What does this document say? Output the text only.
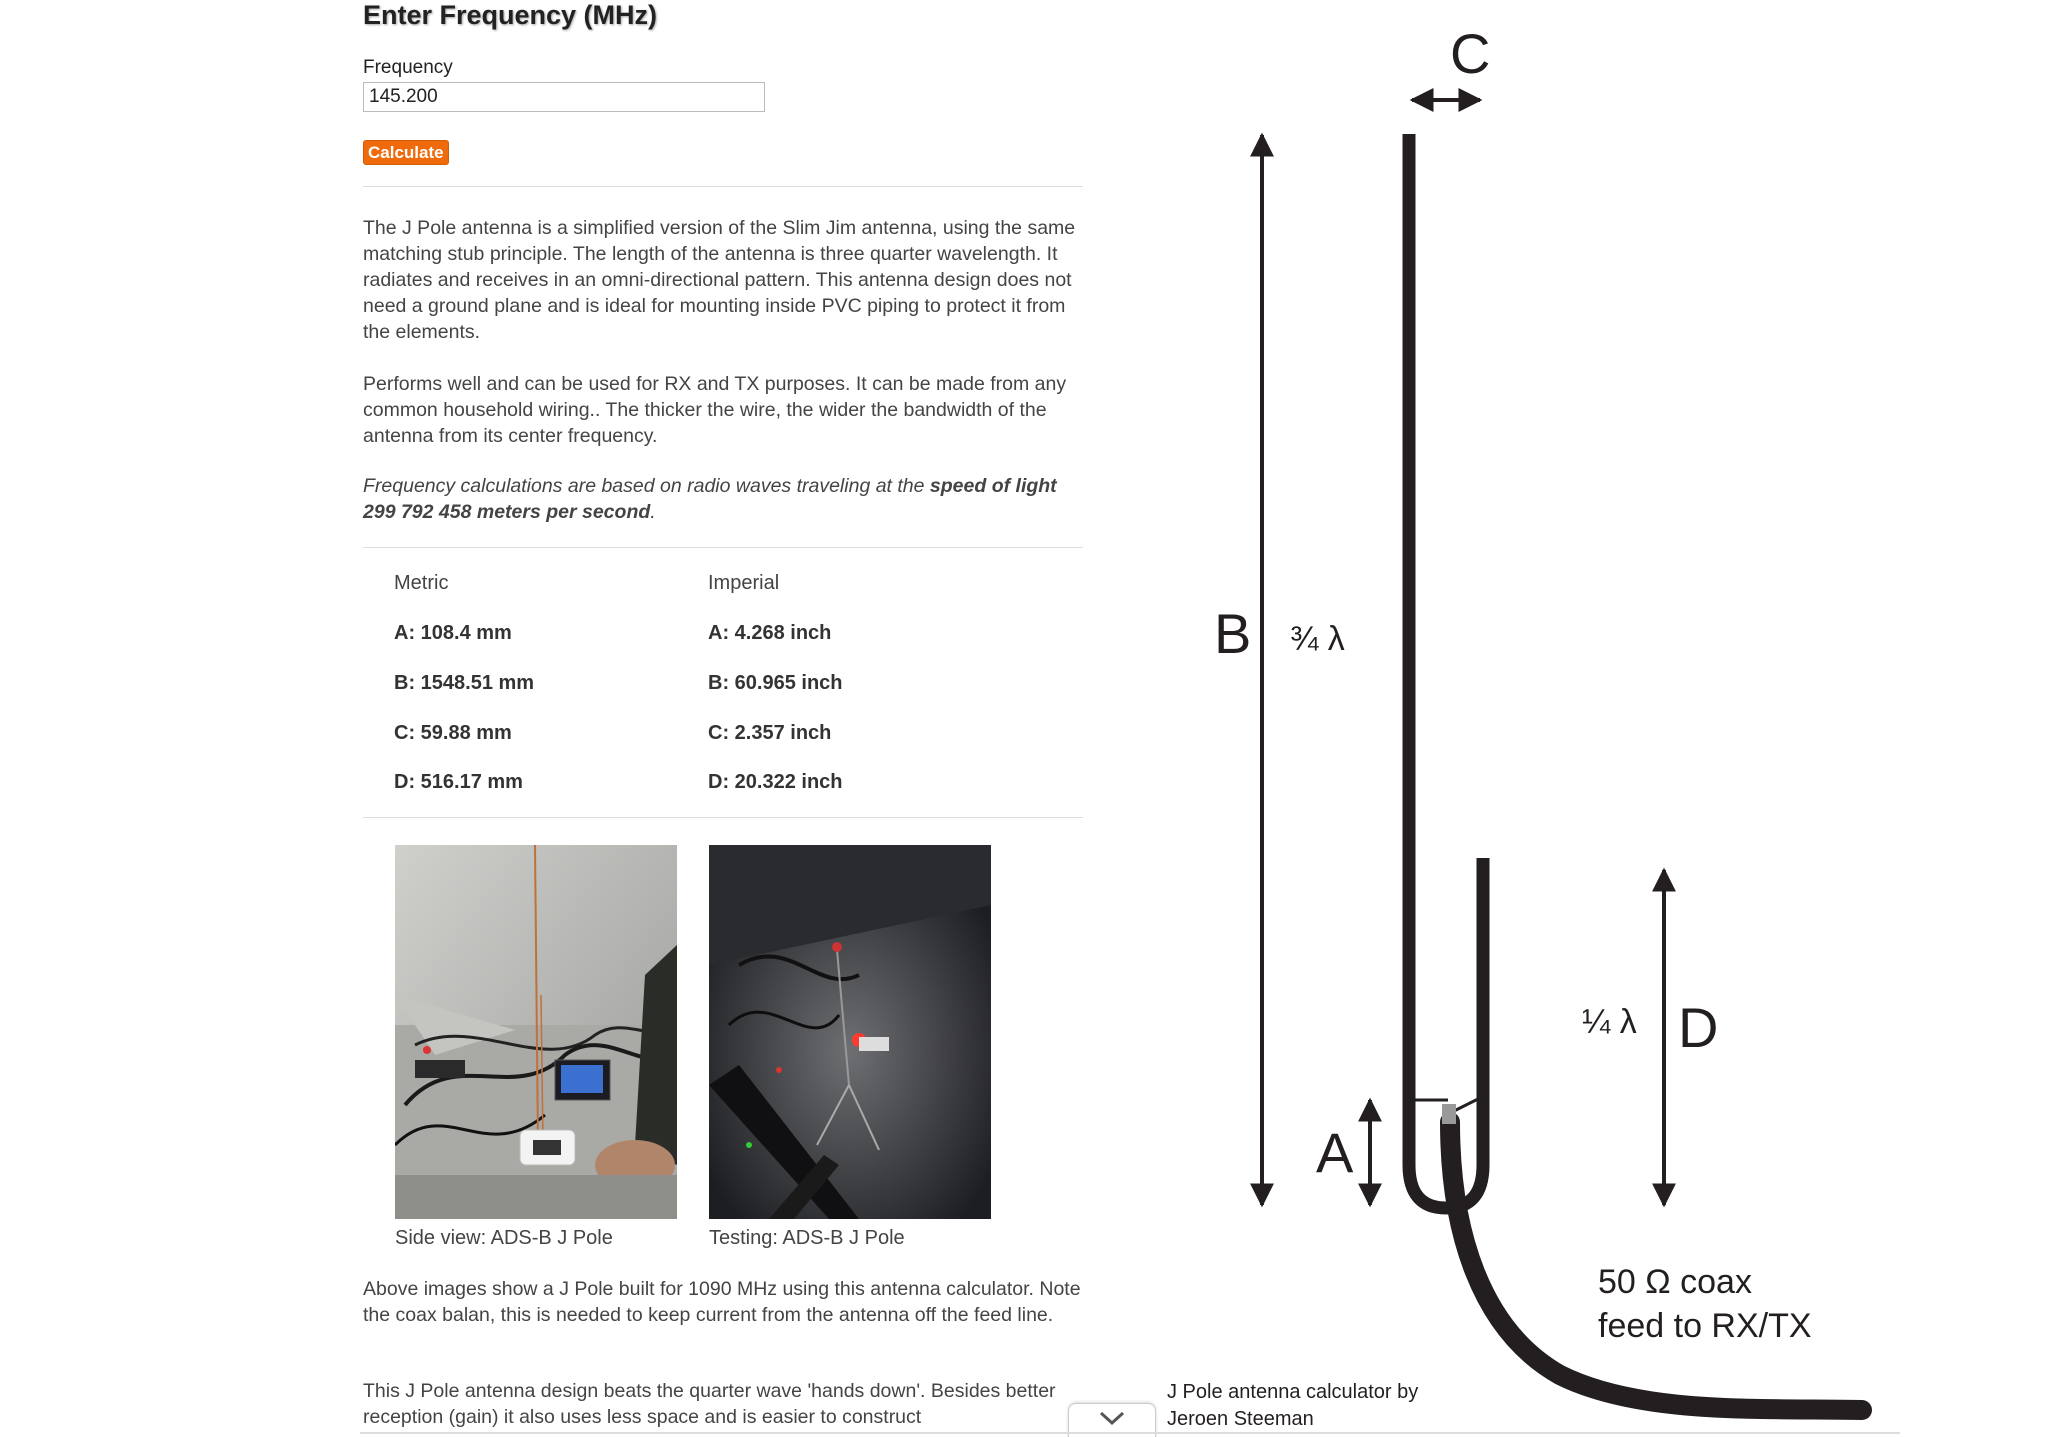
Enter Frequency (MHz)
Frequency
145.200
Calculate

The J Pole antenna is a simplified version of the Slim Jim antenna, using the same matching stub principle. The length of the antenna is three quarter wavelength. It radiates and receives in an omni-directional pattern. This antenna design does not need a ground plane and is ideal for mounting inside PVC piping to protect it from the elements.

Performs well and can be used for RX and TX purposes. It can be made from any common household wiring.. The thicker the wire, the wider the bandwidth of the antenna from its center frequency.

Frequency calculations are based on radio waves traveling at the speed of light 299 792 458 meters per second.

Metric
A: 108.4 mm
B: 1548.51 mm
C: 59.88 mm
D: 516.17 mm
Imperial
A: 4.268 inch
B: 60.965 inch
C: 2.357 inch
D: 20.322 inch
Side view: ADS-B J Pole	Testing: ADS-B J Pole

Above images show a J Pole built for 1090 MHz using this antenna calculator. Note the coax balan, this is needed to keep current from the antenna off the feed line.

This J Pole antenna design beats the quarter wave 'hands down'. Besides better reception (gain) it also uses less space and is easier to construct

C
B ¾ λ
A
¼ λ D
50 Ω coax
feed to RX/TX
J Pole antenna calculator by
Jeroen Steeman
